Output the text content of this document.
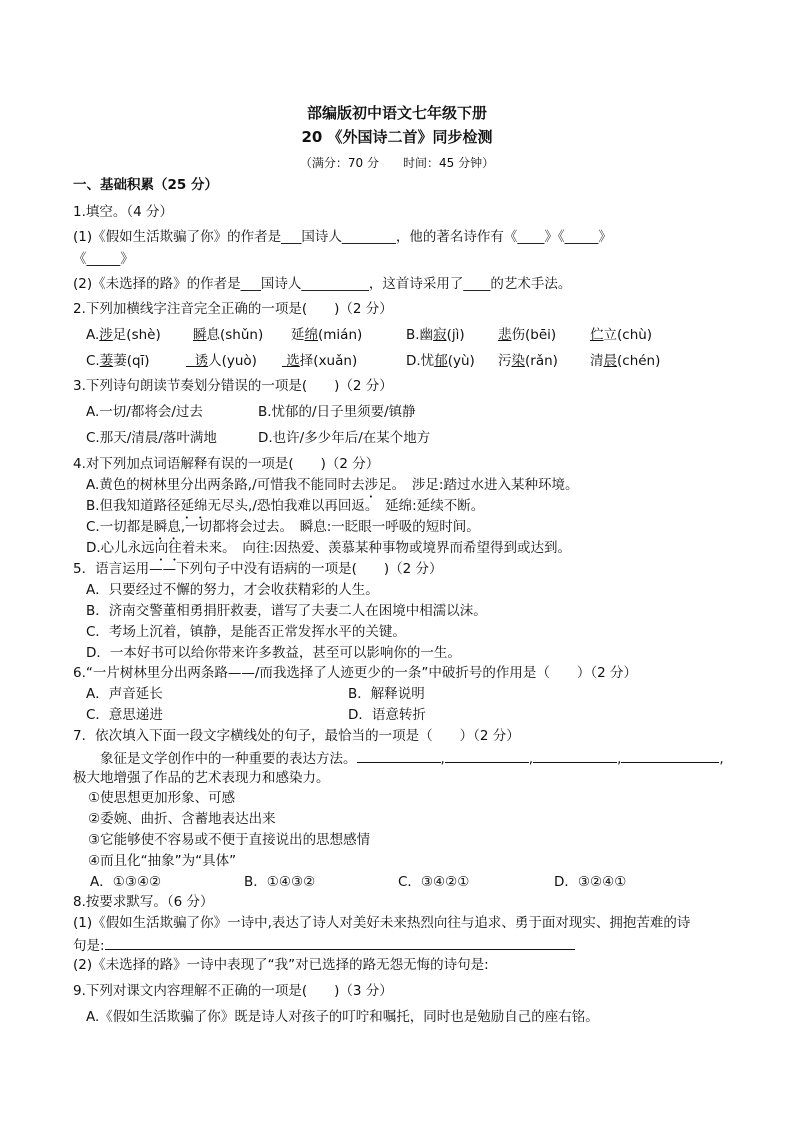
部编版初中语文七年级下册
20 《外国诗二首》同步检测
（满分：70 分　　时间：45 分钟）
一、基础积累（25 分）
1.填空。（4 分）
(1)《假如生活欺骗了你》的作者是___国诗人________，他的著名诗作有《____》《_____》
《_____》
(2)《未选择的路》的作者是___国诗人__________，这首诗采用了____的艺术手法。
2.下列加横线字注音完全正确的一项是(　　)（2 分）
A.涉足(shè) 瞬息(shǔn) 延绵(mián)	B.幽寂(jì) 悲伤(bēi)	伫立(chù)
C.萋萋(qī)	诱人(yuò)	选择(xuǎn)	D.忧郁(yù) 污染(rǎn) 清晨(chén)
3.下列诗句朗读节奏划分错误的一项是(　　)（2 分）
A.一切/都将会/过去	B.忧郁的/日子里须要/镇静
C.那天/清晨/落叶满地	D.也许/多少年后/在某个地方
4.对下列加点词语解释有误的一项是(　　)（2 分）
A.黄色的树林里分出两条路,/可惜我不能同时去涉足。　涉足:踏过水进入某种环境。
B.但我知道路径延绵无尽头,/恐怕我难以再回返。　延绵:延续不断。
C.一切都是瞬息,一切都将会过去。　瞬息:一眨眼一呼吸的短时间。
D.心儿永远向往着未来。　向往:因热爱、羡慕某种事物或境界而希望得到或达到。
5．语言运用——下列句子中没有语病的一项是(　　)（2 分）
A．只要经过不懈的努力，才会收获精彩的人生。
B．济南交警董相勇捐肝救妻，谱写了夫妻二人在困境中相濡以沫。
C．考场上沉着，镇静，是能否正常发挥水平的关键。
D．一本好书可以给你带来许多教益，甚至可以影响你的一生。
6.“一片树林里分出两条路——/而我选择了人迹更少的一条”中破折号的作用是（　　）（2 分）
A．声音延长	B．解释说明
C．意思递进	D．语意转折
7．依次填入下面一段文字横线处的句子，最恰当的一项是（　　）（2 分）
象征是文学创作中的一种重要的表达方法。	,	,	,	,
极大地增强了作品的艺术表现力和感染力。
①使思想更加形象、可感
②委婉、曲折、含蓄地表达出来
③它能够使不容易或不便于直接说出的思想感情
④而且化“抽象”为“具体”
A．①③④②	B．①④③②	C．③④②①	D．③②④①
8.按要求默写。（6 分）
(1)《假如生活欺骗了你》一诗中,表达了诗人对美好未来热烈向往与追求、勇于面对现实、拥抱苦难的诗
句是:
(2)《未选择的路》一诗中表现了“我”对已选择的路无怨无悔的诗句是:
9.下列对课文内容理解不正确的一项是(　　)（3 分）
A.《假如生活欺骗了你》既是诗人对孩子的叮咛和嘱托，同时也是勉励自己的座右铭。
